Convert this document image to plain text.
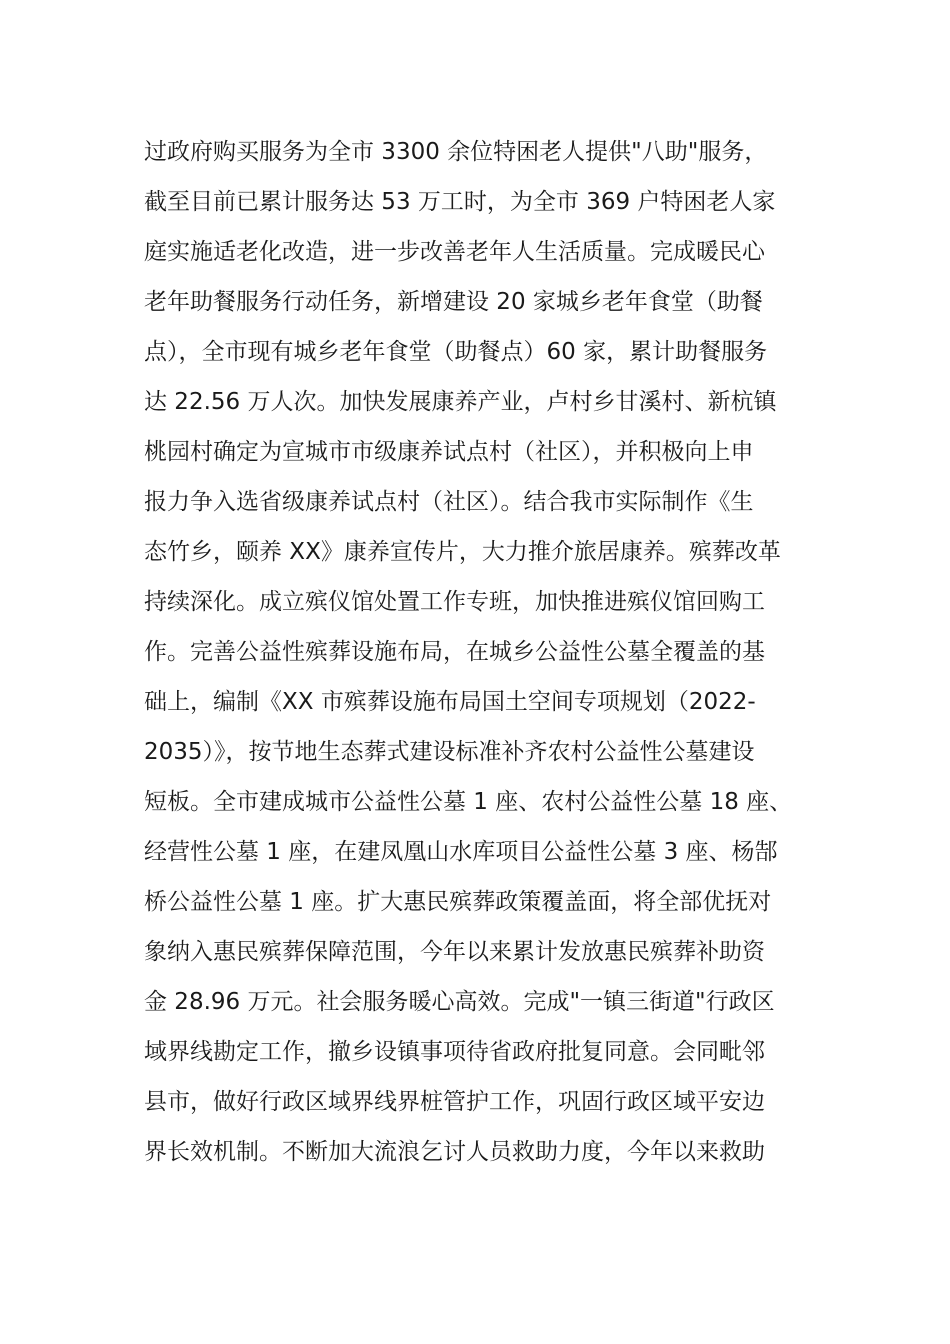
过政府购买服务为全市 3300 余位特困老人提供"八助"服务，
截至目前已累计服务达 53 万工时，为全市 369 户特困老人家
庭实施适老化改造，进一步改善老年人生活质量。完成暖民心
老年助餐服务行动任务，新增建设 20 家城乡老年食堂（助餐
点），全市现有城乡老年食堂（助餐点）60 家，累计助餐服务
达 22.56 万人次。加快发展康养产业，卢村乡甘溪村、新杭镇
桃园村确定为宣城市市级康养试点村（社区），并积极向上申
报力争入选省级康养试点村（社区）。结合我市实际制作《生
态竹乡，颐养 XX》康养宣传片，大力推介旅居康养。殡葬改革
持续深化。成立殡仪馆处置工作专班，加快推进殡仪馆回购工
作。完善公益性殡葬设施布局，在城乡公益性公墓全覆盖的基
础上，编制《XX 市殡葬设施布局国土空间专项规划（2022-
2035）》，按节地生态葬式建设标准补齐农村公益性公墓建设
短板。全市建成城市公益性公墓 1 座、农村公益性公墓 18 座、
经营性公墓 1 座，在建凤凰山水库项目公益性公墓 3 座、杨郜
桥公益性公墓 1 座。扩大惠民殡葬政策覆盖面，将全部优抚对
象纳入惠民殡葬保障范围，今年以来累计发放惠民殡葬补助资
金 28.96 万元。社会服务暖心高效。完成"一镇三街道"行政区
域界线勘定工作，撤乡设镇事项待省政府批复同意。会同毗邻
县市，做好行政区域界线界桩管护工作，巩固行政区域平安边
界长效机制。不断加大流浪乞讨人员救助力度，今年以来救助
